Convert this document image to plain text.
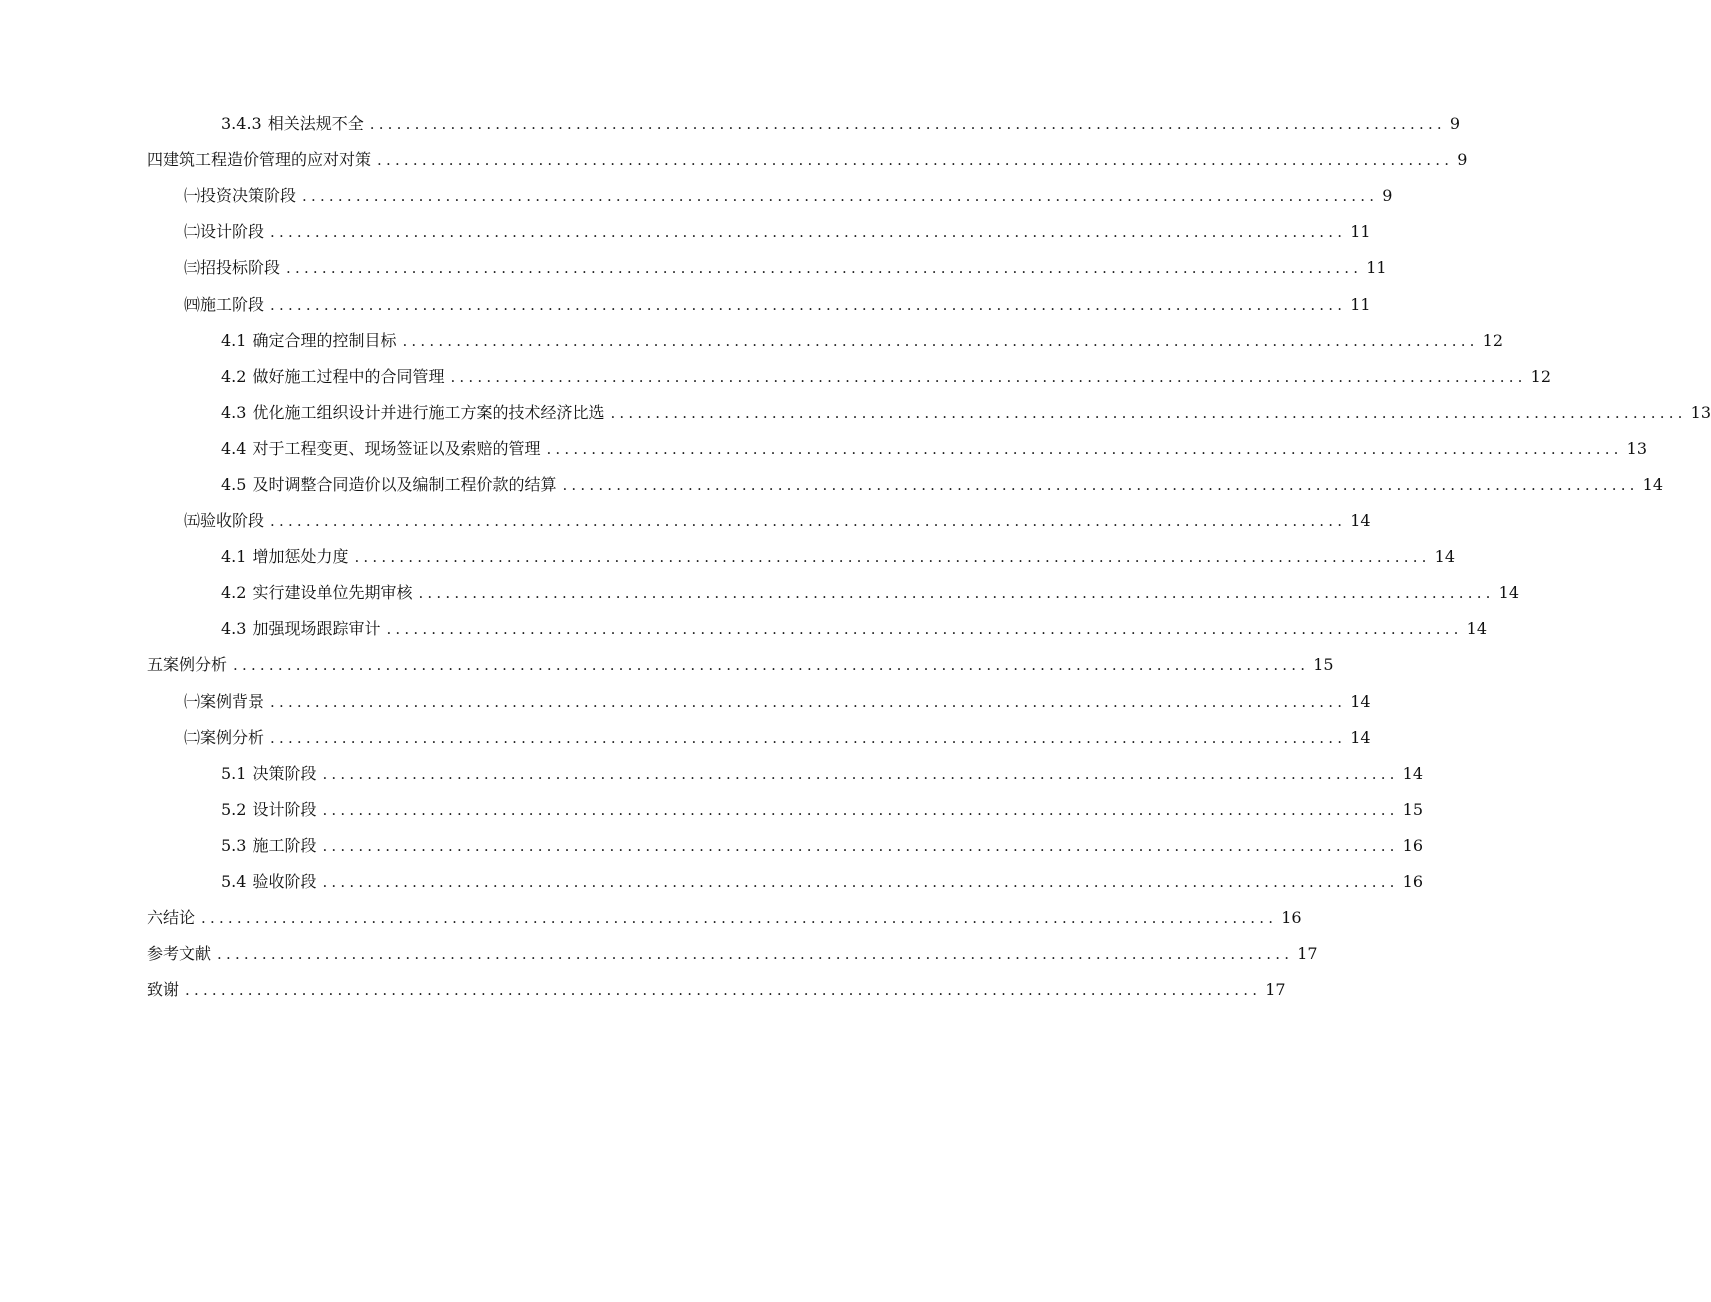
3.4.3 相关法规不全 ........................................................................................................................ 9
四 建筑工程造价管理的应对对策 ........................................................................................................................ 9
㈠ 投资决策阶段 ........................................................................................................................ 9
㈡ 设计阶段 ........................................................................................................................ 11
㈢ 招投标阶段 ........................................................................................................................ 11
㈣ 施工阶段 ........................................................................................................................ 11
4.1 确定合理的控制目标 ........................................................................................................................ 12
4.2 做好施工过程中的合同管理 ........................................................................................................................ 12
4.3 优化施工组织设计并进行施工方案的技术经济比选 ........................................................................................................................ 13
4.4 对于工程变更、现场签证以及索赔的管理 ........................................................................................................................ 13
4.5 及时调整合同造价以及编制工程价款的结算 ........................................................................................................................ 14
㈤ 验收阶段 ........................................................................................................................ 14
4.1 增加惩处力度 ........................................................................................................................ 14
4.2 实行建设单位先期审核 ........................................................................................................................ 14
4.3 加强现场跟踪审计 ........................................................................................................................ 14
五 案例分析 ........................................................................................................................ 15
㈠ 案例背景 ........................................................................................................................ 14
㈡ 案例分析 ........................................................................................................................ 14
5.1 决策阶段 ........................................................................................................................ 14
5.2 设计阶段 ........................................................................................................................ 15
5.3 施工阶段 ........................................................................................................................ 16
5.4 验收阶段 ........................................................................................................................ 16
六 结论 ........................................................................................................................ 16
参考文献 ........................................................................................................................ 17
致谢 ........................................................................................................................ 17
